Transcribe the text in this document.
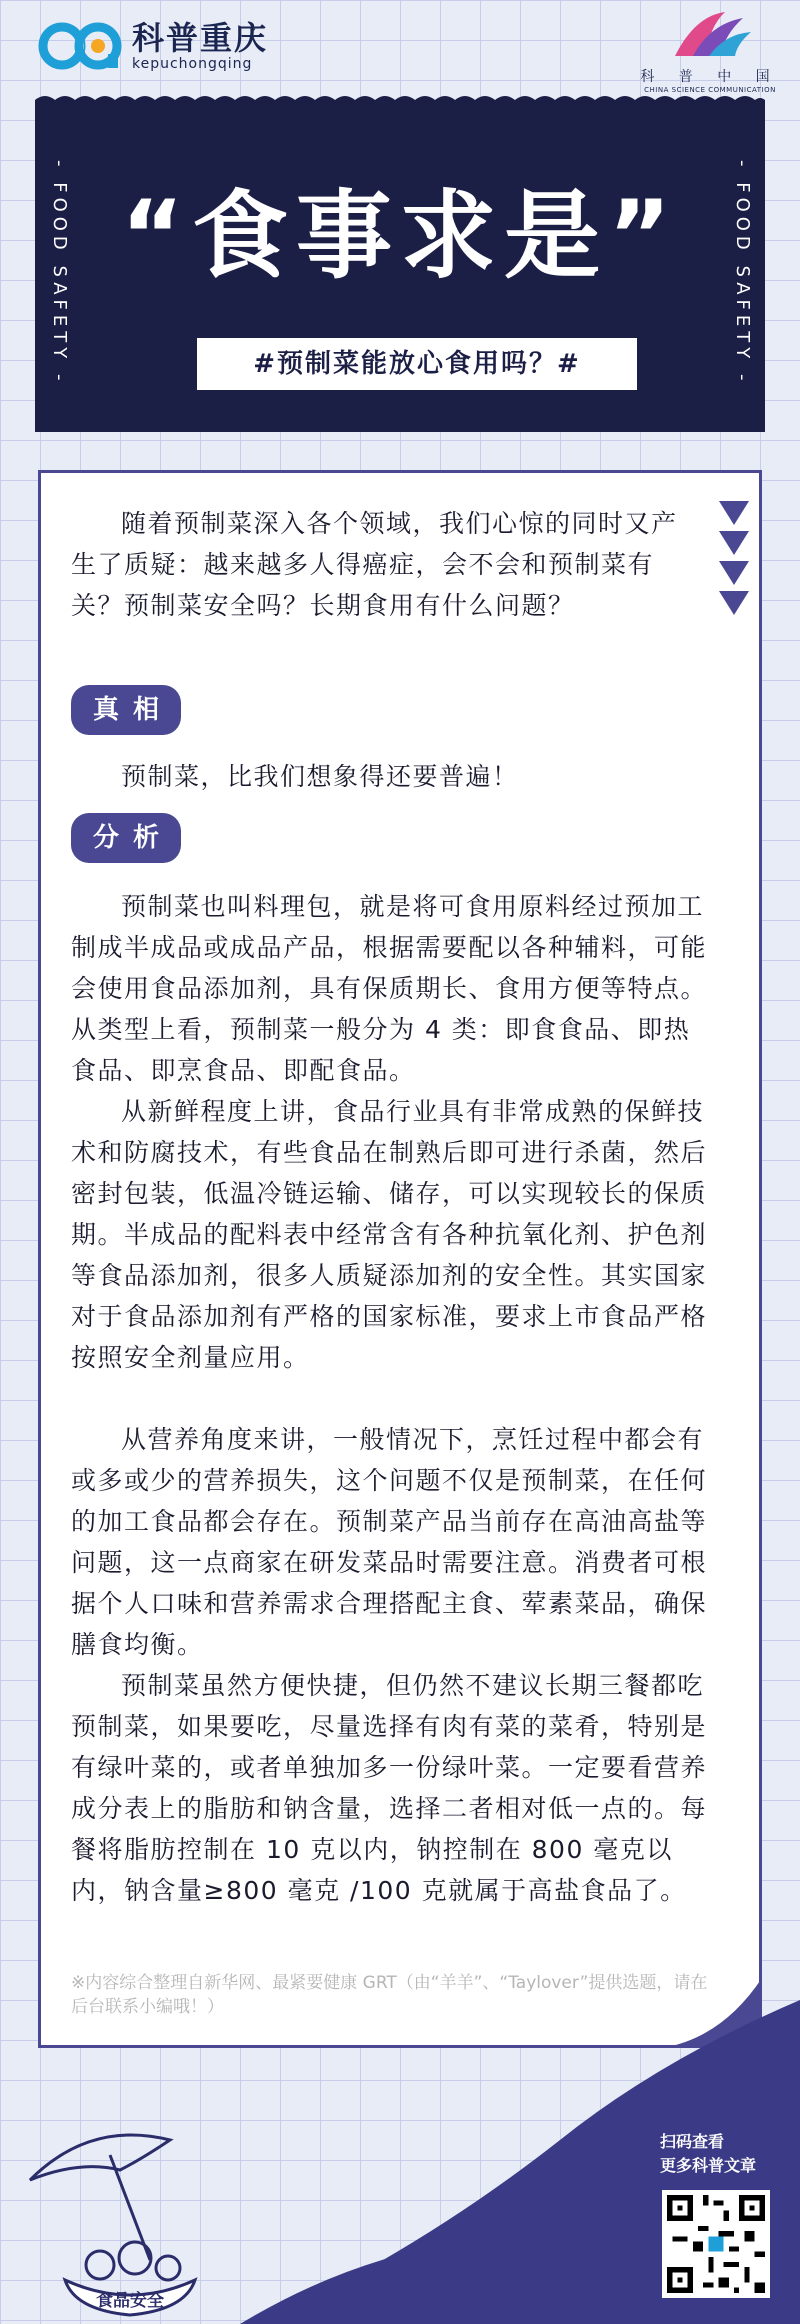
科普重庆
kepuchongqing
科 普 中 国
CHINA SCIENCE COMMUNICATION
- FOOD SAFETY -	- FOOD SAFETY -
“食事求是”
#预制菜能放心食用吗？#

随着预制菜深入各个领域，我们心惊的同时又产生了质疑：越来越多人得癌症，会不会和预制菜有关？预制菜安全吗？长期食用有什么问题？

真相

预制菜，比我们想象得还要普遍！

分析

预制菜也叫料理包，就是将可食用原料经过预加工制成半成品或成品产品，根据需要配以各种辅料，可能会使用食品添加剂，具有保质期长、食用方便等特点。从类型上看，预制菜一般分为 4 类：即食食品、即热食品、即烹食品、即配食品。

从新鲜程度上讲，食品行业具有非常成熟的保鲜技术和防腐技术，有些食品在制熟后即可进行杀菌，然后密封包装，低温冷链运输、储存，可以实现较长的保质期。半成品的配料表中经常含有各种抗氧化剂、护色剂等食品添加剂，很多人质疑添加剂的安全性。其实国家对于食品添加剂有严格的国家标准，要求上市食品严格按照安全剂量应用。

从营养角度来讲，一般情况下，烹饪过程中都会有或多或少的营养损失，这个问题不仅是预制菜，在任何的加工食品都会存在。预制菜产品当前存在高油高盐等问题，这一点商家在研发菜品时需要注意。消费者可根据个人口味和营养需求合理搭配主食、荤素菜品，确保膳食均衡。

预制菜虽然方便快捷，但仍然不建议长期三餐都吃预制菜，如果要吃，尽量选择有肉有菜的菜肴，特别是有绿叶菜的，或者单独加多一份绿叶菜。一定要看营养成分表上的脂肪和钠含量，选择二者相对低一点的。每餐将脂肪控制在 10 克以内，钠控制在 800 毫克以内，钠含量≥800 毫克 /100 克就属于高盐食品了。

※内容综合整理自新华网、最紧要健康 GRT（由“羊羊”、“Taylover”提供选题，请在后台联系小编哦！）
食品安全
扫码查看
更多科普文章
